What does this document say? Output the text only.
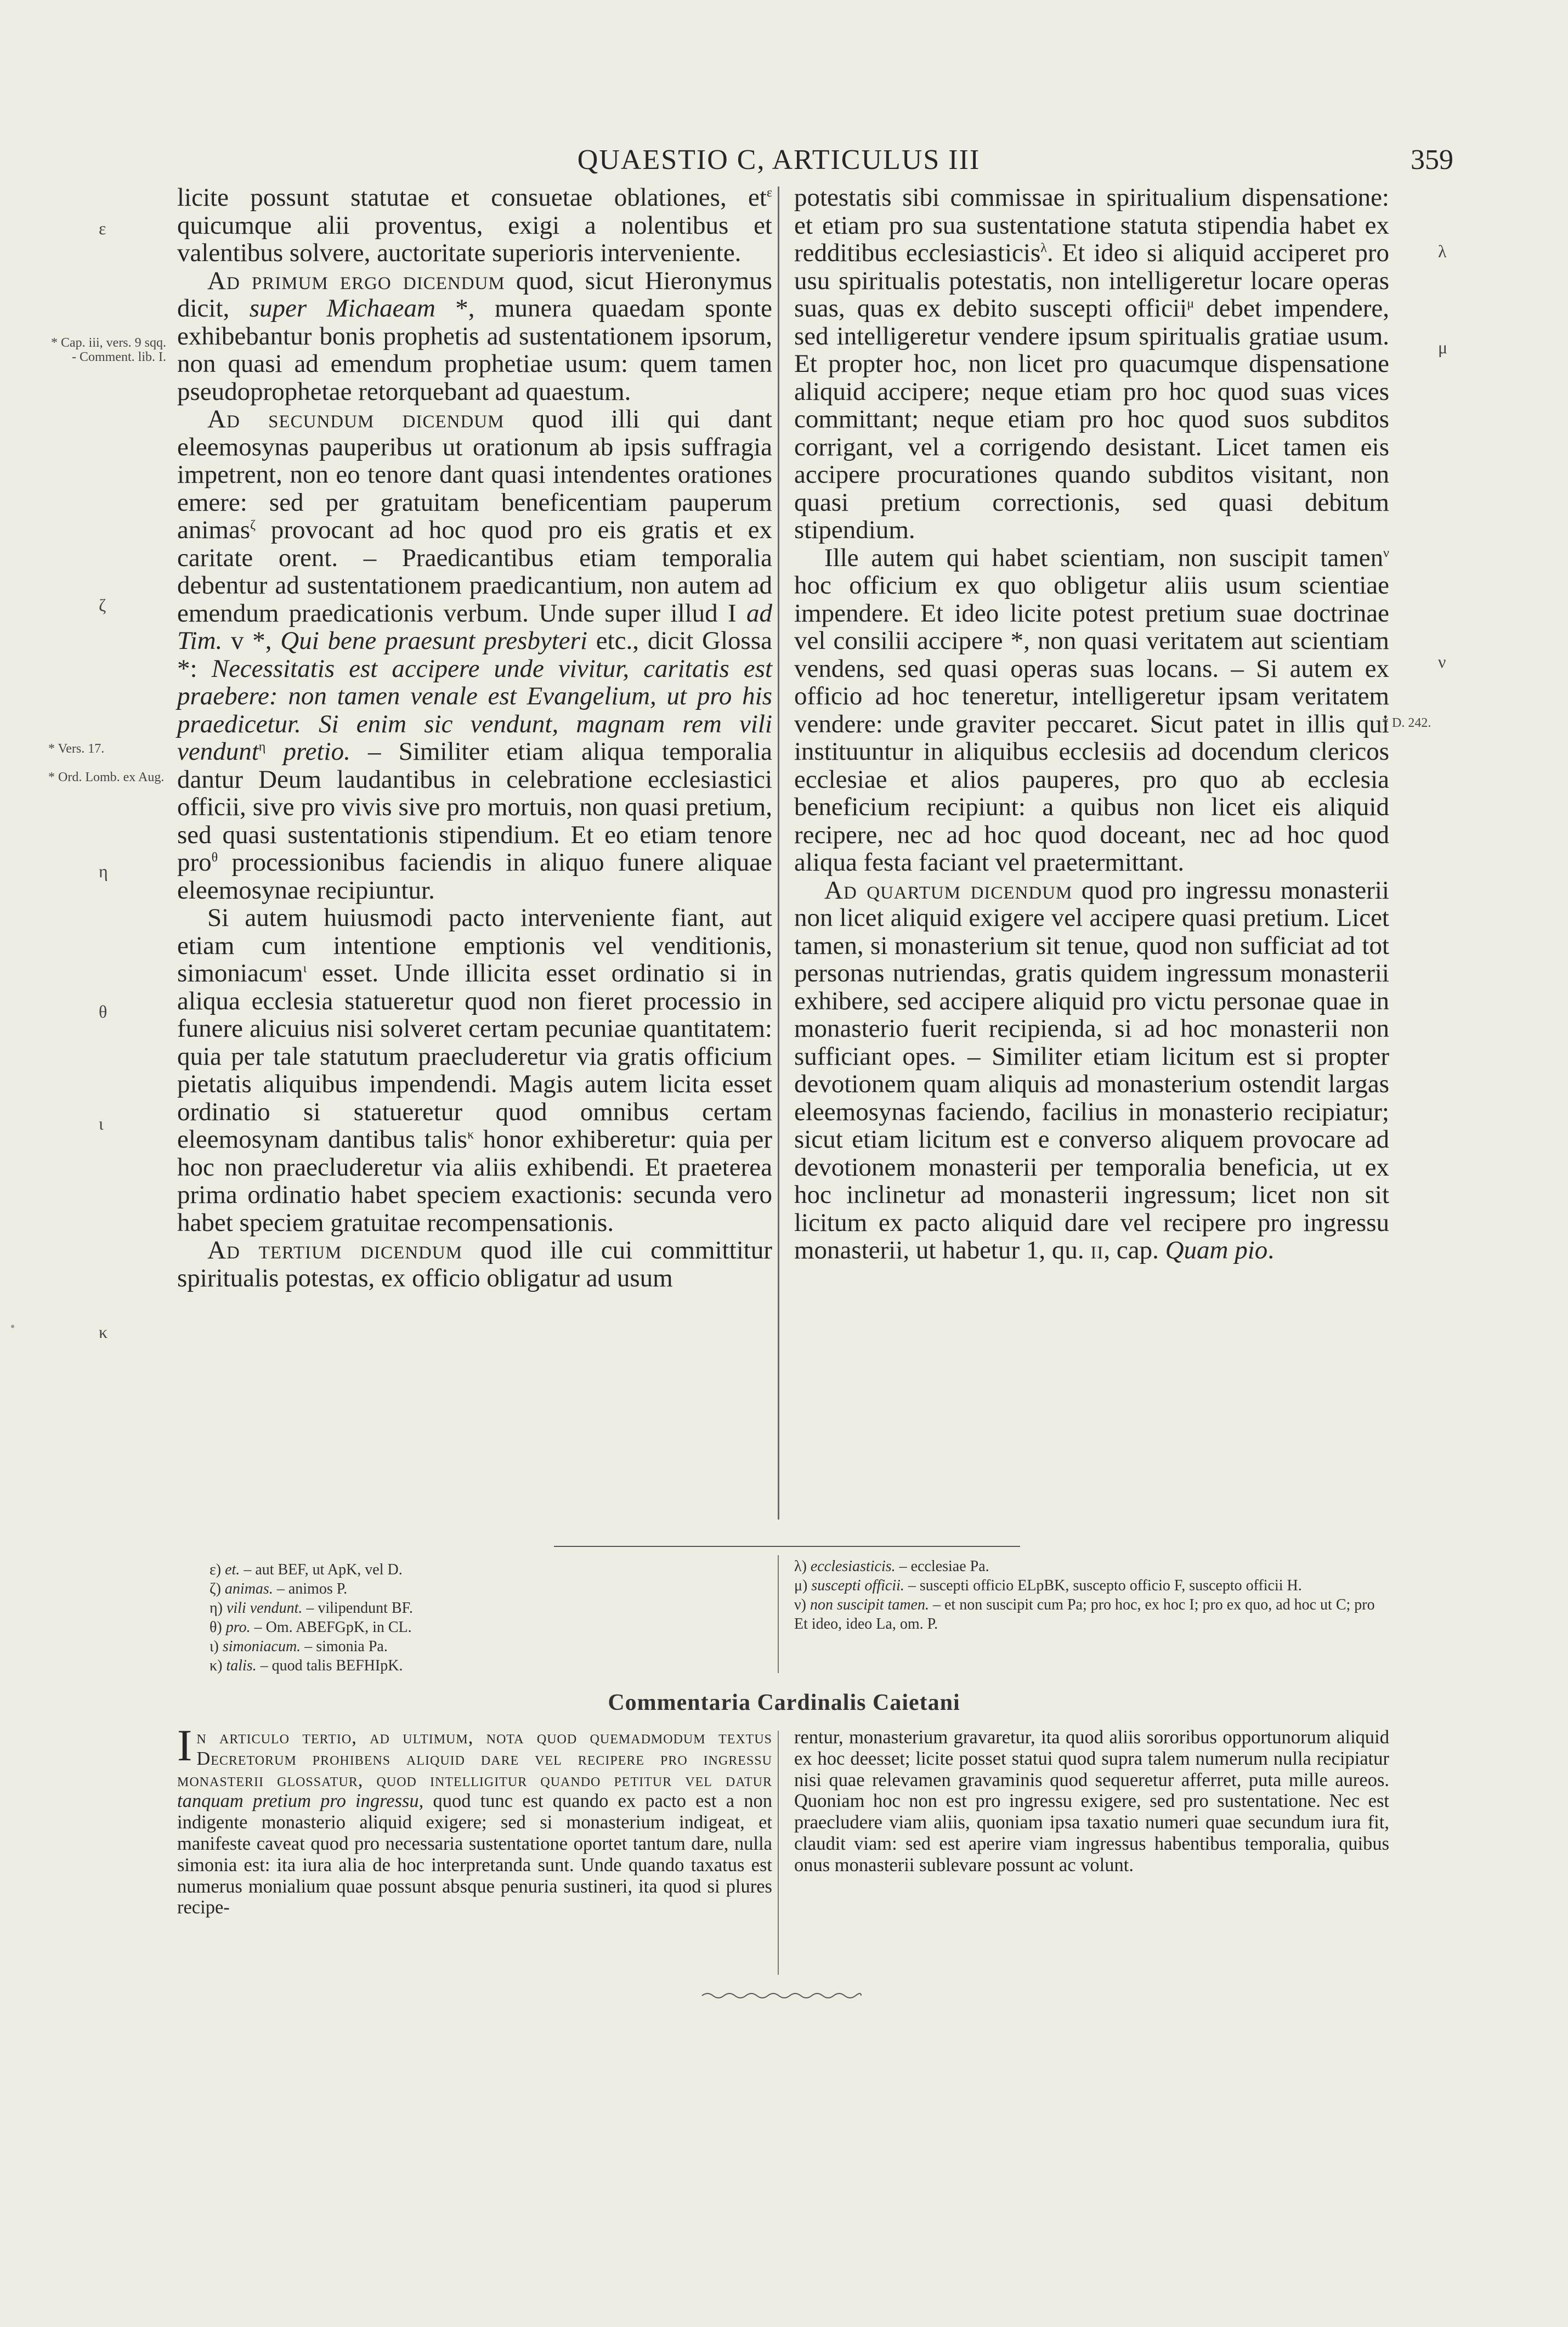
QUAESTIO C, ARTICULUS III	359
ε
* Cap. iii, vers. 9 sqq. - Comment. lib. I.
ζ
* Vers. 17.
* Ord. Lomb. ex Aug.
η
θ
ι
κ
λ
μ
ν
* D. 242.

licite possunt statutae et consuetae oblationes, $et^\varepsilon$ quicumque alii proventus, exigi a nolentibus et valentibus solvere, auctoritate superioris interveniente.

Ad primum ergo dicendum quod, sicut Hieronymus dicit, super Michaeam *, munera quaedam sponte exhibebantur bonis prophetis ad sustentationem ipsorum, non quasi ad emendum prophetiae usum: quem tamen pseudoprophetae retorquebant ad quaestum.

Ad secundum dicendum quod illi qui dant eleemosynas pauperibus ut orationum ab ipsis suffragia impetrent, non eo tenore dant quasi intendentes orationes emere: sed per gratuitam beneficentiam pauperum animas$^\zeta$ provocant ad hoc quod pro eis gratis et ex caritate orent. – Praedicantibus etiam temporalia debentur ad sustentationem praedicantium, non autem ad emendum praedicationis verbum. Unde super illud I ad Tim. v *, Qui bene praesunt presbyteri etc., dicit Glossa *: Necessitatis est accipere unde vivitur, caritatis est praebere: non tamen venale est Evangelium, ut pro his praedicetur. Si enim sic vendunt, magnam rem vili vendunt$^\eta$ pretio. – Similiter etiam aliqua temporalia dantur Deum laudantibus in celebratione ecclesiastici officii, sive pro vivis sive pro mortuis, non quasi pretium, sed quasi sustentationis stipendium. Et eo etiam tenore pro$^\theta$ processionibus faciendis in aliquo funere aliquae eleemosynae recipiuntur.

Si autem huiusmodi pacto interveniente fiant, aut etiam cum intentione emptionis vel venditionis, simoniacum$^\iota$ esset. Unde illicita esset ordinatio si in aliqua ecclesia statueretur quod non fieret processio in funere alicuius nisi solveret certam pecuniae quantitatem: quia per tale statutum praecluderetur via gratis officium pietatis aliquibus impendendi. Magis autem licita esset ordinatio si statueretur quod omnibus certam eleemosynam dantibus talis$^\kappa$ honor exhiberetur: quia per hoc non praecluderetur via aliis exhibendi. Et praeterea prima ordinatio habet speciem exactionis: secunda vero habet speciem gratuitae recompensationis.

Ad tertium dicendum quod ille cui committitur spiritualis potestas, ex officio obligatur ad usum

potestatis sibi commissae in spiritualium dispensatione: et etiam pro sua sustentatione statuta stipendia habet ex redditibus ecclesiasticis$^\lambda$. Et ideo si aliquid acciperet pro usu spiritualis potestatis, non intelligeretur locare operas suas, quas ex debito suscepti officii$^\mu$ debet impendere, sed intelligeretur vendere ipsum spiritualis gratiae usum. Et propter hoc, non licet pro quacumque dispensatione aliquid accipere; neque etiam pro hoc quod suas vices committant; neque etiam pro hoc quod suos subditos corrigant, vel a corrigendo desistant. Licet tamen eis accipere procurationes quando subditos visitant, non quasi pretium correctionis, sed quasi debitum stipendium.

Ille autem qui habet scientiam, non suscipit tamen$^\nu$ hoc officium ex quo obligetur aliis usum scientiae impendere. Et ideo licite potest pretium suae doctrinae vel consilii accipere *, non quasi veritatem aut scientiam vendens, sed quasi operas suas locans. – Si autem ex officio ad hoc teneretur, intelligeretur ipsam veritatem vendere: unde graviter peccaret. Sicut patet in illis qui instituuntur in aliquibus ecclesiis ad docendum clericos ecclesiae et alios pauperes, pro quo ab ecclesia beneficium recipiunt: a quibus non licet eis aliquid recipere, nec ad hoc quod doceant, nec ad hoc quod aliqua festa faciant vel praetermittant.

Ad quartum dicendum quod pro ingressu monasterii non licet aliquid exigere vel accipere quasi pretium. Licet tamen, si monasterium sit tenue, quod non sufficiat ad tot personas nutriendas, gratis quidem ingressum monasterii exhibere, sed accipere aliquid pro victu personae quae in monasterio fuerit recipienda, si ad hoc monasterii non sufficiant opes. – Similiter etiam licitum est si propter devotionem quam aliquis ad monasterium ostendit largas eleemosynas faciendo, facilius in monasterio recipiatur; sicut etiam licitum est e converso aliquem provocare ad devotionem monasterii per temporalia beneficia, ut ex hoc inclinetur ad monasterii ingressum; licet non sit licitum ex pacto aliquid dare vel recipere pro ingressu monasterii, ut habetur 1, qu. ii, cap. Quam pio.

ε) et. – aut BEF, ut ApK, vel D.
ζ) animas. – animos P.
η) vili vendunt. – vilipendunt BF.
θ) pro. – Om. ABEFGpK, in CL.
ι) simoniacum. – simonia Pa.
κ) talis. – quod talis BEFHIpK.
λ) ecclesiasticis. – ecclesiae Pa.
μ) suscepti officii. – suscepti officio ELpBK, suscepto officio F, suscepto officii H.
ν) non suscipit tamen. – et non suscipit cum Pa; pro hoc, ex hoc I; pro ex quo, ad hoc ut C; pro Et ideo, ideo La, om. P.
Commentaria Cardinalis Caietani
In articulo tertio, ad ultimum, nota quod quemadmodum textus Decretorum prohibens aliquid dare vel recipere pro ingressu monasterii glossatur, quod intelligitur quando petitur vel datur tanquam pretium pro ingressu, quod tunc est quando ex pacto est a non indigente monasterio aliquid exigere; sed si monasterium indigeat, et manifeste caveat quod pro necessaria sustentatione oportet tantum dare, nulla simonia est: ita iura alia de hoc interpretanda sunt. Unde quando taxatus est numerus monialium quae possunt absque penuria sustineri, ita quod si plures recipe-
rentur, monasterium gravaretur, ita quod aliis sororibus opportunorum aliquid ex hoc deesset; licite posset statui quod supra talem numerum nulla recipiatur nisi quae relevamen gravaminis quod sequeretur afferret, puta mille aureos. Quoniam hoc non est pro ingressu exigere, sed pro sustentatione. Nec est praecludere viam aliis, quoniam ipsa taxatio numeri quae secundum iura fit, claudit viam: sed est aperire viam ingressus habentibus temporalia, quibus onus monasterii sublevare possunt ac volunt.
